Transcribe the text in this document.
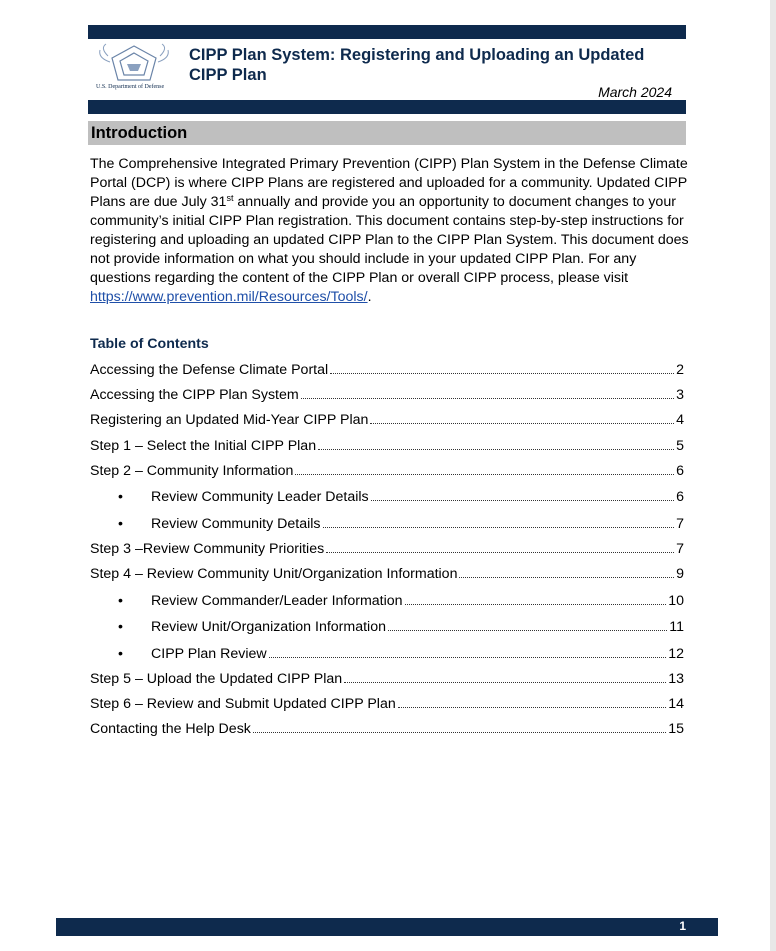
U.S. Department of Defense
CIPP Plan System: Registering and Uploading an Updated CIPP Plan
March 2024
Introduction
The Comprehensive Integrated Primary Prevention (CIPP) Plan System in the Defense Climate Portal (DCP) is where CIPP Plans are registered and uploaded for a community. Updated CIPP Plans are due July 31st annually and provide you an opportunity to document changes to your community’s initial CIPP Plan registration. This document contains step-by-step instructions for registering and uploading an updated CIPP Plan to the CIPP Plan System. This document does not provide information on what you should include in your updated CIPP Plan. For any questions regarding the content of the CIPP Plan or overall CIPP process, please visit https://www.prevention.mil/Resources/Tools/.
Table of Contents
Accessing the Defense Climate Portal	2
Accessing the CIPP Plan System	3
Registering an Updated Mid-Year CIPP Plan	4
Step 1 – Select the Initial CIPP Plan	5
Step 2 – Community Information	6
•	Review Community Leader Details	6
•	Review Community Details	7
Step 3 –Review Community Priorities	7
Step 4 – Review Community Unit/Organization Information	9
•	Review Commander/Leader Information	10
•	Review Unit/Organization Information	11
•	CIPP Plan Review	12
Step 5 – Upload the Updated CIPP Plan	13
Step 6 – Review and Submit Updated CIPP Plan	14
Contacting the Help Desk	15
1
